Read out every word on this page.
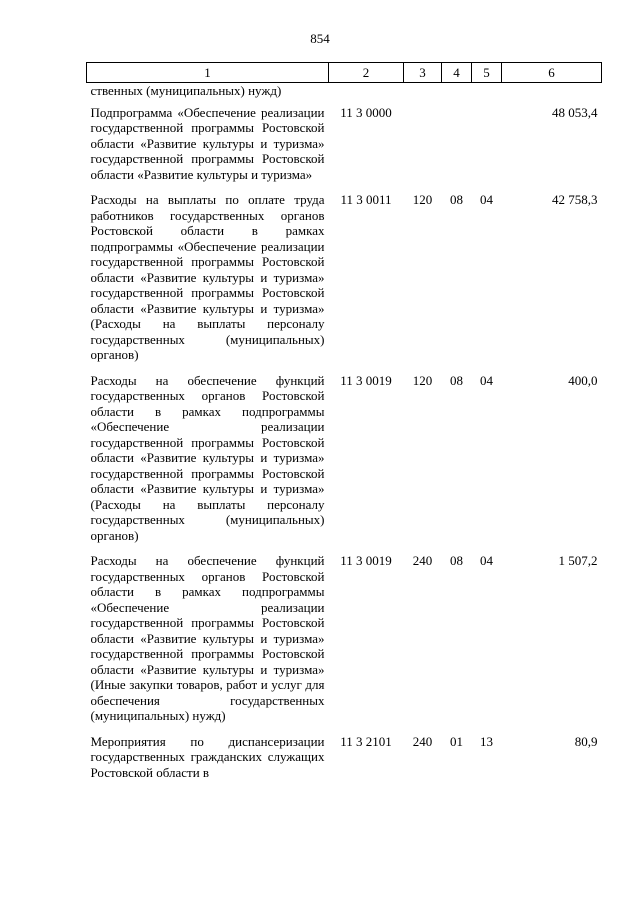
854
1	2	3	4	5	6
ственных (муниципальных) нужд)					
Подпрограмма «Обеспечение реализации государственной программы Ростовской области «Развитие культуры и туризма» государственной программы Ростовской области «Развитие культуры и туризма»	11 3 0000				48 053,4
Расходы на выплаты по оплате труда работников государственных органов Ростовской области в рамках подпрограммы «Обеспечение реализации государственной программы Ростовской области «Развитие культуры и туризма» государственной программы Ростовской области «Развитие культуры и туризма» (Расходы на выплаты персоналу государственных (муниципальных) органов)	11 3 0011	120	08	04	42 758,3
Расходы на обеспечение функций государственных органов Ростовской области в рамках подпрограммы «Обеспечение реализации государственной программы Ростовской области «Развитие культуры и туризма» государственной программы Ростовской области «Развитие культуры и туризма» (Расходы на выплаты персоналу государственных (муниципальных) органов)	11 3 0019	120	08	04	400,0
Расходы на обеспечение функций государственных органов Ростовской области в рамках подпрограммы «Обеспечение реализации государственной программы Ростовской области «Развитие культуры и туризма» государственной программы Ростовской области «Развитие культуры и туризма» (Иные закупки товаров, работ и услуг для обеспечения государственных (муниципальных) нужд)	11 3 0019	240	08	04	1 507,2
Мероприятия по диспансеризации государственных гражданских служащих Ростовской области в	11 3 2101	240	01	13	80,9
